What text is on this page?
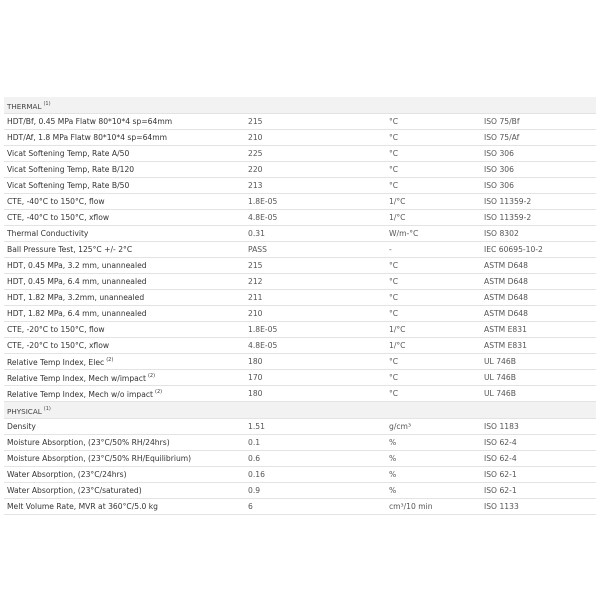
THERMAL $^{(1)}$
HDT/Bf, 0.45 MPa Flatw 80*10*4 sp=64mm	215	°C	ISO 75/Bf
HDT/Af, 1.8 MPa Flatw 80*10*4 sp=64mm	210	°C	ISO 75/Af
Vicat Softening Temp, Rate A/50	225	°C	ISO 306
Vicat Softening Temp, Rate B/120	220	°C	ISO 306
Vicat Softening Temp, Rate B/50	213	°C	ISO 306
CTE, -40°C to 150°C, flow	1.8E-05	1/°C	ISO 11359-2
CTE, -40°C to 150°C, xflow	4.8E-05	1/°C	ISO 11359-2
Thermal Conductivity	0.31	W/m-°C	ISO 8302
Ball Pressure Test, 125°C +/- 2°C	PASS	-	IEC 60695-10-2
HDT, 0.45 MPa, 3.2 mm, unannealed	215	°C	ASTM D648
HDT, 0.45 MPa, 6.4 mm, unannealed	212	°C	ASTM D648
HDT, 1.82 MPa, 3.2mm, unannealed	211	°C	ASTM D648
HDT, 1.82 MPa, 6.4 mm, unannealed	210	°C	ASTM D648
CTE, -20°C to 150°C, flow	1.8E-05	1/°C	ASTM E831
CTE, -20°C to 150°C, xflow	4.8E-05	1/°C	ASTM E831
Relative Temp Index, Elec $^{(2)}$	180	°C	UL 746B
Relative Temp Index, Mech w/impact $^{(2)}$	170	°C	UL 746B
Relative Temp Index, Mech w/o impact $^{(2)}$	180	°C	UL 746B
PHYSICAL $^{(1)}$
Density	1.51	g/cm³	ISO 1183
Moisture Absorption, (23°C/50% RH/24hrs)	0.1	%	ISO 62-4
Moisture Absorption, (23°C/50% RH/Equilibrium)	0.6	%	ISO 62-4
Water Absorption, (23°C/24hrs)	0.16	%	ISO 62-1
Water Absorption, (23°C/saturated)	0.9	%	ISO 62-1
Melt Volume Rate, MVR at 360°C/5.0 kg	6	cm³/10 min	ISO 1133
